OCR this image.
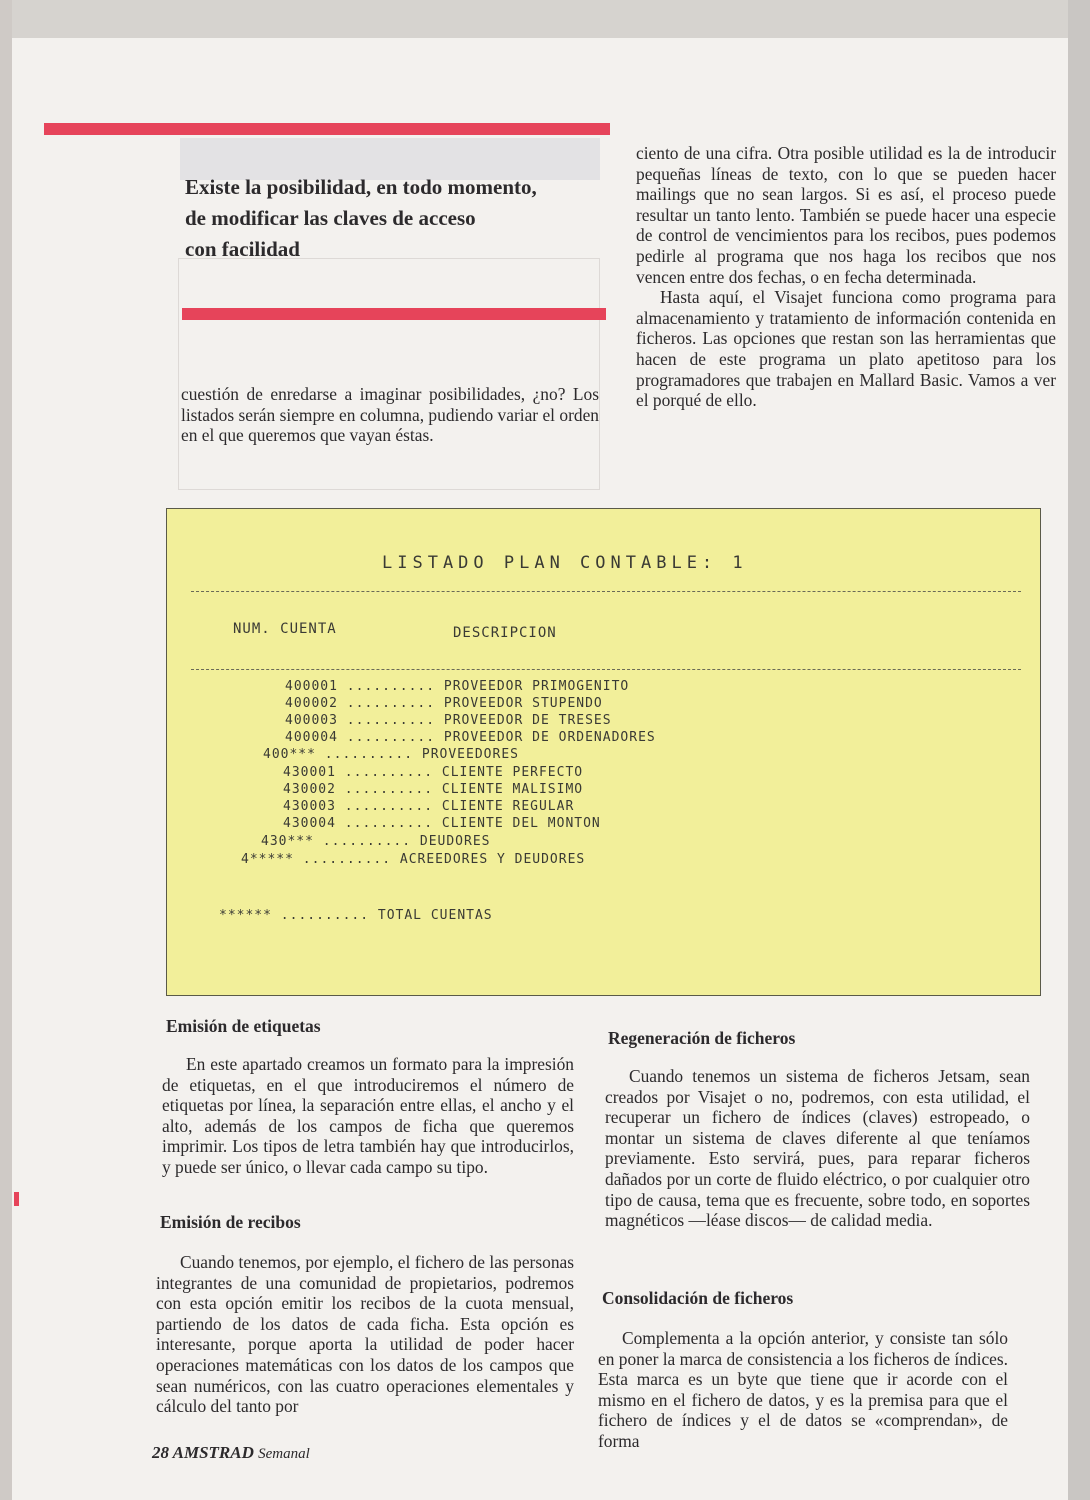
Existe la posibilidad, en todo momento,
de modificar las claves de acceso
con facilidad

cuestión de enredarse a imaginar posibilidades, ¿no? Los listados serán siempre en columna, pudiendo variar el orden en el que queremos que vayan éstas.

ciento de una cifra. Otra posible utilidad es la de introducir pequeñas líneas de texto, con lo que se pueden hacer mailings que no sean largos. Si es así, el proceso puede resultar un tanto lento. También se puede hacer una especie de control de vencimientos para los recibos, pues podemos pedirle al programa que nos haga los recibos que nos vencen entre dos fechas, o en fecha determinada.

Hasta aquí, el Visajet funciona como programa para almacenamiento y tratamiento de información contenida en ficheros. Las opciones que restan son las herramientas que hacen de este programa un plato apetitoso para los programadores que trabajen en Mallard Basic. Vamos a ver el porqué de ello.

LISTADO PLAN CONTABLE: 1
NUM. CUENTA	DESCRIPCION
400001 .......... PROVEEDOR PRIMOGENITO
400002 .......... PROVEEDOR STUPENDO
400003 .......... PROVEEDOR DE TRESES
400004 .......... PROVEEDOR DE ORDENADORES
400*** .......... PROVEEDORES
430001 .......... CLIENTE PERFECTO
430002 .......... CLIENTE MALISIMO
430003 .......... CLIENTE REGULAR
430004 .......... CLIENTE DEL MONTON
430*** .......... DEUDORES
4***** .......... ACREEDORES Y DEUDORES
****** .......... TOTAL CUENTAS
Emisión de etiquetas

En este apartado creamos un formato para la impresión de etiquetas, en el que introduciremos el número de etiquetas por línea, la separación entre ellas, el ancho y el alto, además de los campos de ficha que queremos imprimir. Los tipos de letra también hay que introducirlos, y puede ser único, o llevar cada campo su tipo.

Emisión de recibos

Cuando tenemos, por ejemplo, el fichero de las personas integrantes de una comunidad de propietarios, podremos con esta opción emitir los recibos de la cuota mensual, partiendo de los datos de cada ficha. Esta opción es interesante, porque aporta la utilidad de poder hacer operaciones matemáticas con los datos de los campos que sean numéricos, con las cuatro operaciones elementales y cálculo del tanto por

Regeneración de ficheros

Cuando tenemos un sistema de ficheros Jetsam, sean creados por Visajet o no, podremos, con esta utilidad, el recuperar un fichero de índices (claves) estropeado, o montar un sistema de claves diferente al que teníamos previamente. Esto servirá, pues, para reparar ficheros dañados por un corte de fluido eléctrico, o por cualquier otro tipo de causa, tema que es frecuente, sobre todo, en soportes magnéticos —léase discos— de calidad media.

Consolidación de ficheros

Complementa a la opción anterior, y consiste tan sólo en poner la marca de consistencia a los ficheros de índices. Esta marca es un byte que tiene que ir acorde con el mismo en el fichero de datos, y es la premisa para que el fichero de índices y el de datos se «comprendan», de forma

28 AMSTRAD Semanal
